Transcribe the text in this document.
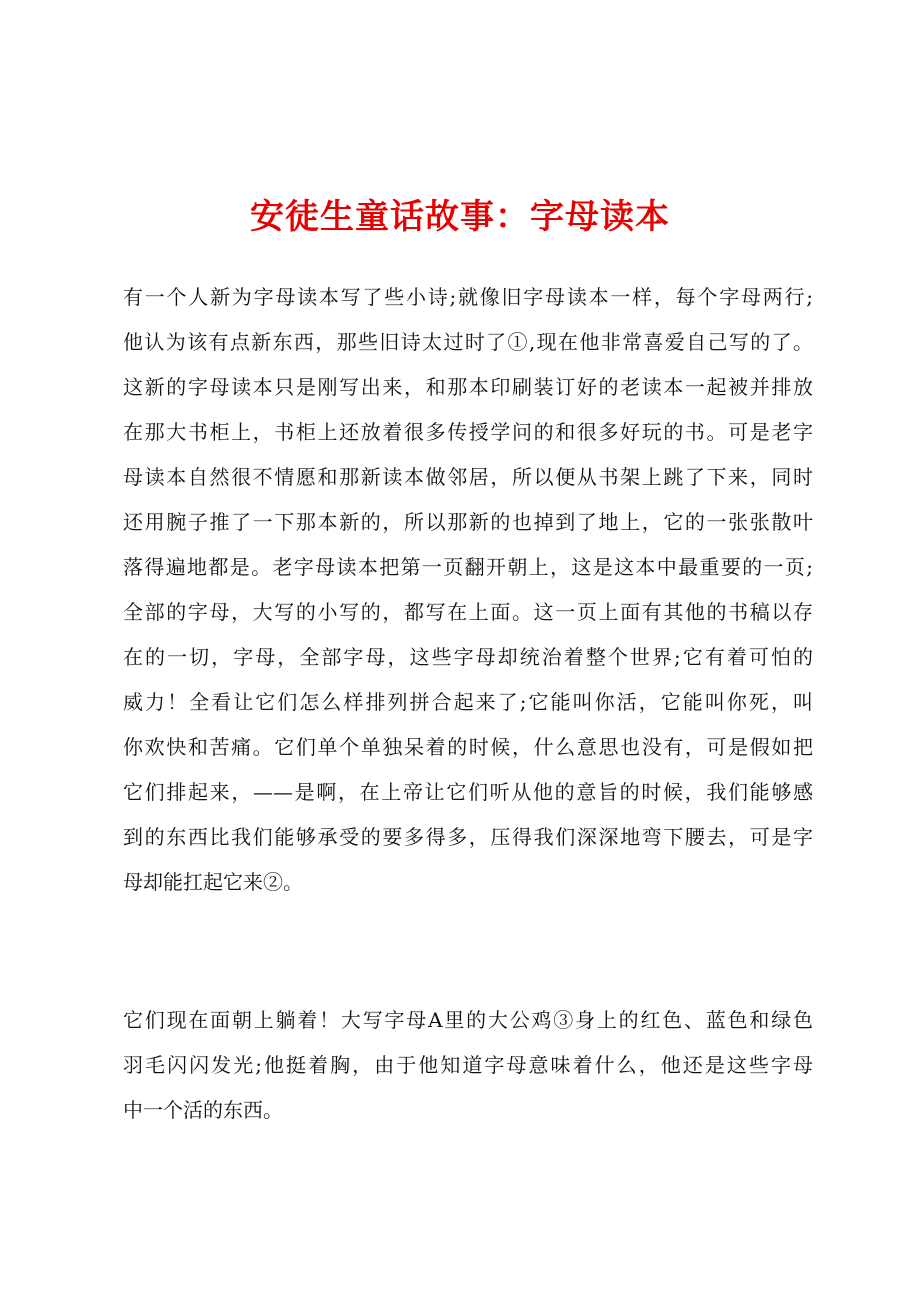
安徒生童话故事：字母读本
有一个人新为字母读本写了些小诗;就像旧字母读本一样，每个字母两行;
他认为该有点新东西，那些旧诗太过时了①,现在他非常喜爱自己写的了。
这新的字母读本只是刚写出来，和那本印刷装订好的老读本一起被并排放
在那大书柜上，书柜上还放着很多传授学问的和很多好玩的书。可是老字
母读本自然很不情愿和那新读本做邻居，所以便从书架上跳了下来，同时
还用腕子推了一下那本新的，所以那新的也掉到了地上，它的一张张散叶
落得遍地都是。老字母读本把第一页翻开朝上，这是这本中最重要的一页;
全部的字母，大写的小写的，都写在上面。这一页上面有其他的书稿以存
在的一切，字母，全部字母，这些字母却统治着整个世界;它有着可怕的
威力！全看让它们怎么样排列拼合起来了;它能叫你活，它能叫你死，叫
你欢快和苦痛。它们单个单独呆着的时候，什么意思也没有，可是假如把
它们排起来，——是啊，在上帝让它们听从他的意旨的时候，我们能够感
到的东西比我们能够承受的要多得多，压得我们深深地弯下腰去，可是字
母却能扛起它来②。
它们现在面朝上躺着！大写字母A里的大公鸡③身上的红色、蓝色和绿色
羽毛闪闪发光;他挺着胸，由于他知道字母意味着什么，他还是这些字母
中一个活的东西。
